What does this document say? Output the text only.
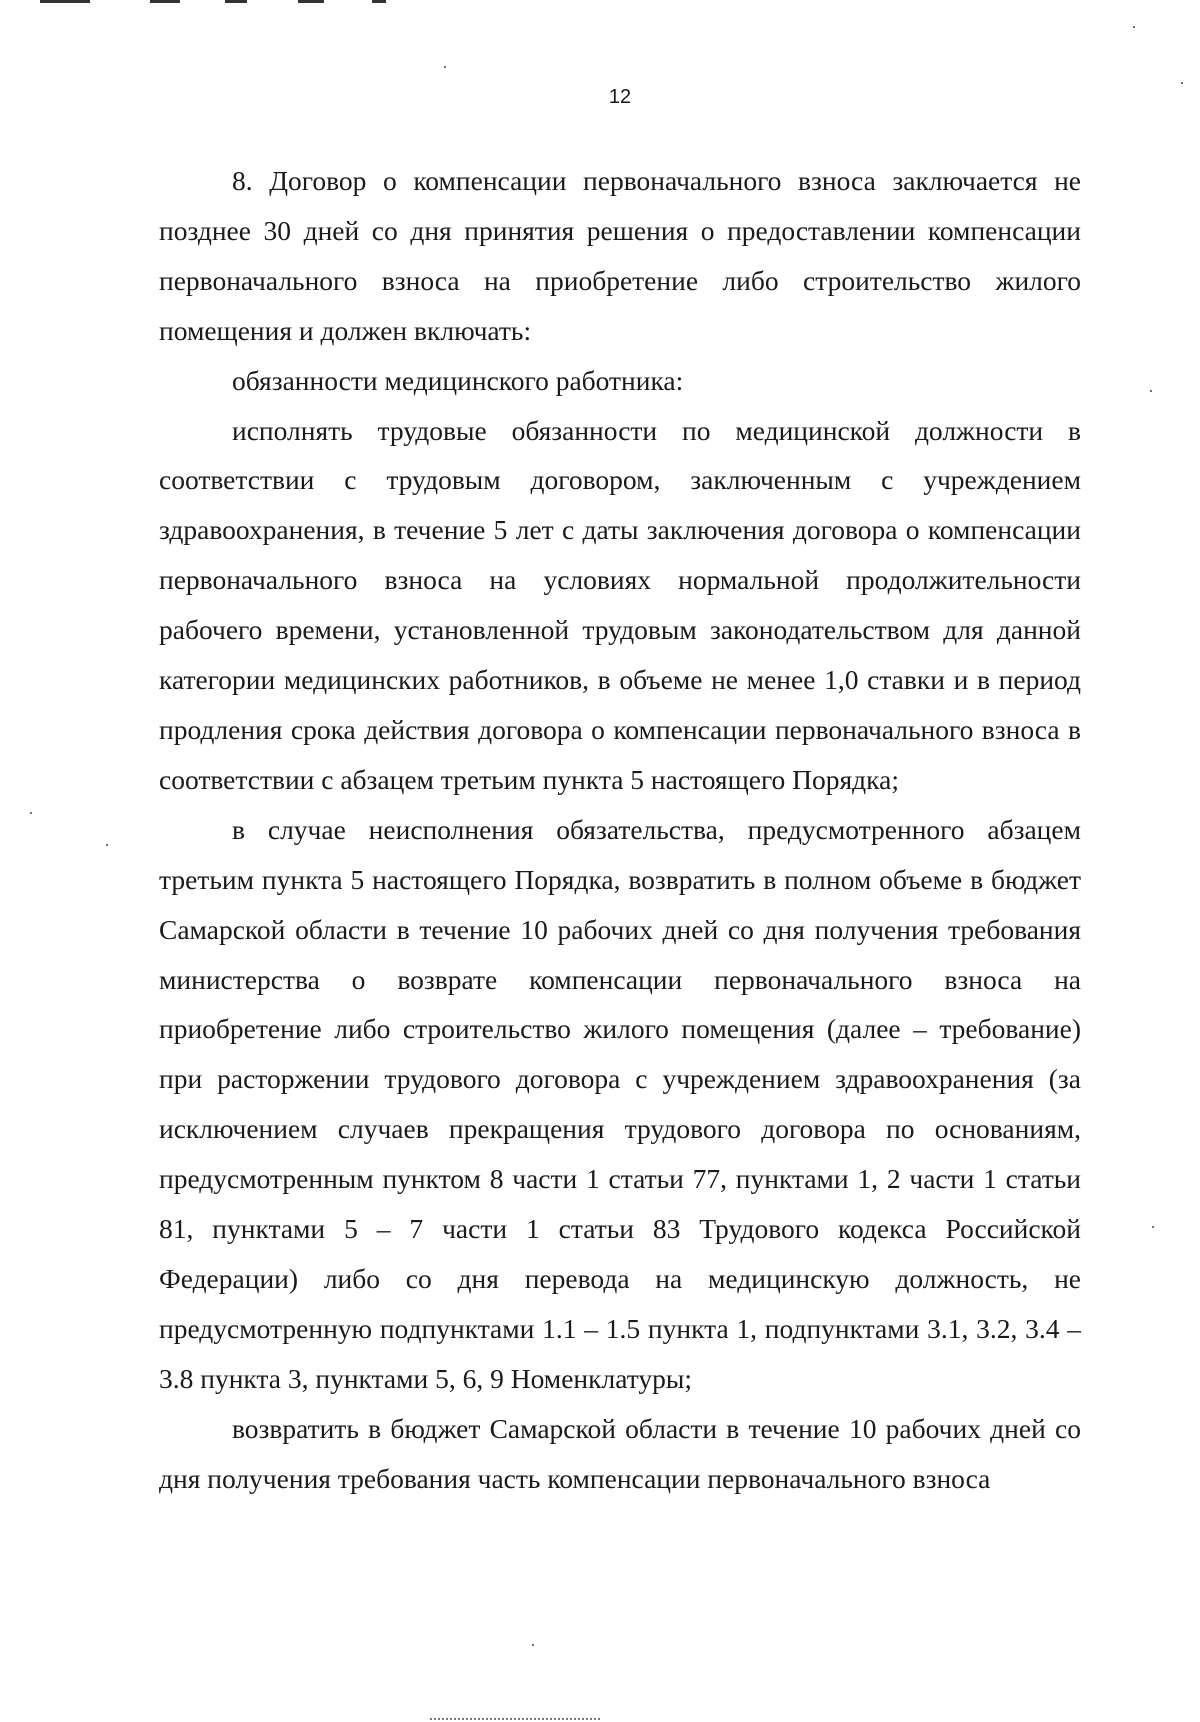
12

8. Договор о компенсации первоначального взноса заключается не позднее 30 дней со дня принятия решения о предоставлении компенсации первоначального взноса на приобретение либо строительство жилого помещения и должен включать:

обязанности медицинского работника:

исполнять трудовые обязанности по медицинской должности в соответствии с трудовым договором, заключенным с учреждением здравоохранения, в течение 5 лет с даты заключения договора о компенсации первоначального взноса на условиях нормальной продолжительности рабочего времени, установленной трудовым законодательством для данной категории медицинских работников, в объеме не менее 1,0 ставки и в период продления срока действия договора о компенсации первоначального взноса в соответствии с абзацем третьим пункта 5 настоящего Порядка;

в случае неисполнения обязательства, предусмотренного абзацем третьим пункта 5 настоящего Порядка, возвратить в полном объеме в бюджет Самарской области в течение 10 рабочих дней со дня получения требования министерства о возврате компенсации первоначального взноса на приобретение либо строительство жилого помещения (далее – требование) при расторжении трудового договора с учреждением здравоохранения (за исключением случаев прекращения трудового договора по основаниям, предусмотренным пунктом 8 части 1 статьи 77, пунктами 1, 2 части 1 статьи 81, пунктами 5 – 7 части 1 статьи 83 Трудового кодекса Российской Федерации) либо со дня перевода на медицинскую должность, не предусмотренную подпунктами 1.1 – 1.5 пункта 1, подпунктами 3.1, 3.2, 3.4 – 3.8 пункта 3, пунктами 5, 6, 9 Номенклатуры;

возвратить в бюджет Самарской области в течение 10 рабочих дней со дня получения требования часть компенсации первоначального взноса
